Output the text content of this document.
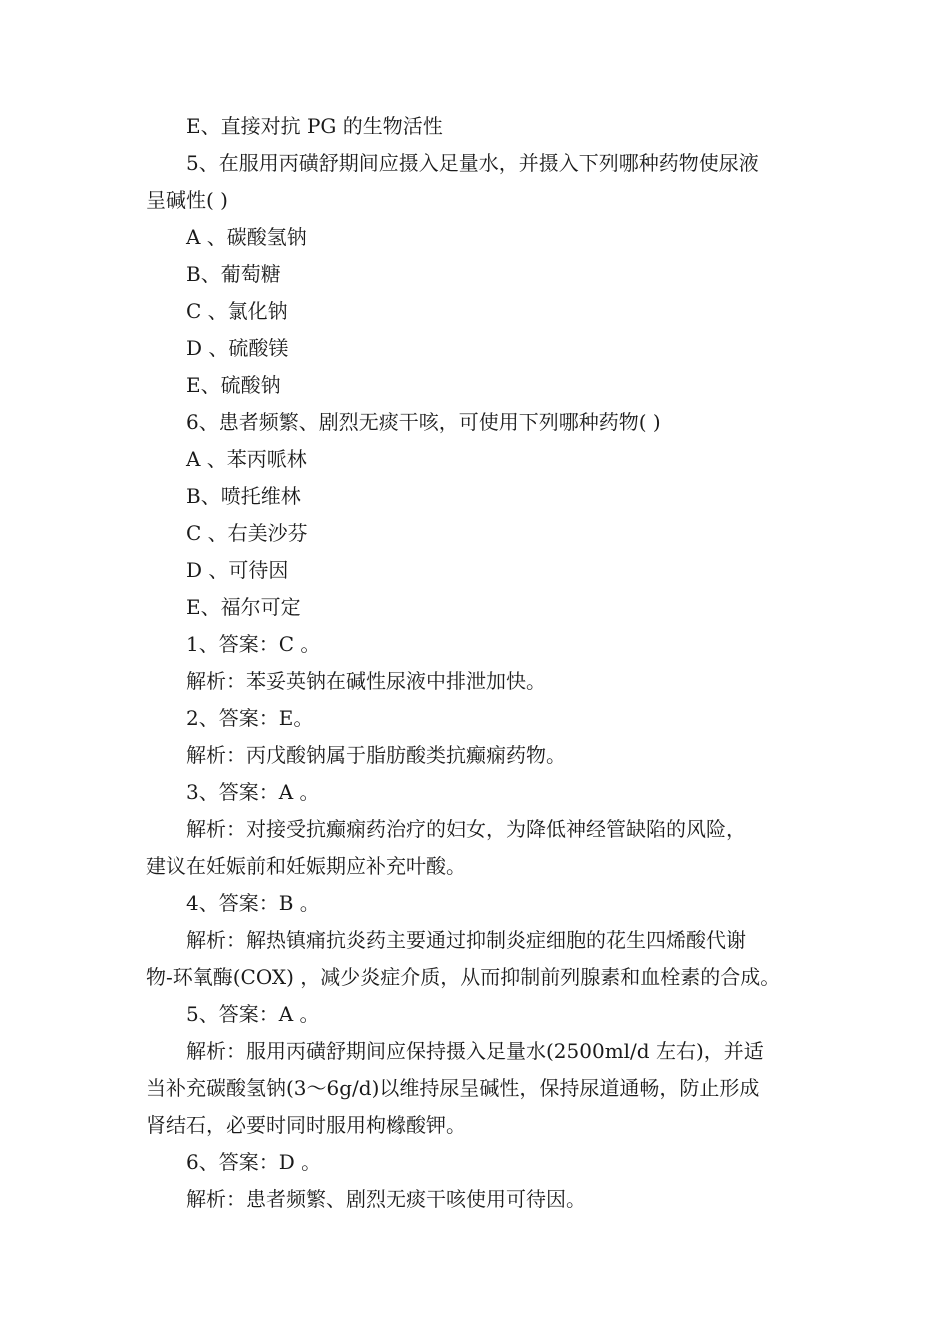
E、直接对抗 PG 的生物活性
5、在服用丙磺舒期间应摄入足量水，并摄入下列哪种药物使尿液
呈碱性( )
A 、碳酸氢钠
B、葡萄糖
C 、氯化钠
D 、硫酸镁
E、硫酸钠
6、患者频繁、剧烈无痰干咳，可使用下列哪种药物( )
A 、苯丙哌林
B、喷托维林
C 、右美沙芬
D 、可待因
E、福尔可定
1、答案：C 。
解析：苯妥英钠在碱性尿液中排泄加快。
2、答案：E。
解析：丙戊酸钠属于脂肪酸类抗癫痫药物。
3、答案：A 。
解析：对接受抗癫痫药治疗的妇女，为降低神经管缺陷的风险，
建议在妊娠前和妊娠期应补充叶酸。
4、答案：B 。
解析：解热镇痛抗炎药主要通过抑制炎症细胞的花生四烯酸代谢
物-环氧酶(COX) ，减少炎症介质，从而抑制前列腺素和血栓素的合成。
5、答案：A 。
解析：服用丙磺舒期间应保持摄入足量水(2500ml/d 左右)，并适
当补充碳酸氢钠(3～6g/d)以维持尿呈碱性，保持尿道通畅，防止形成
肾结石，必要时同时服用枸橼酸钾。
6、答案：D 。
解析：患者频繁、剧烈无痰干咳使用可待因。
